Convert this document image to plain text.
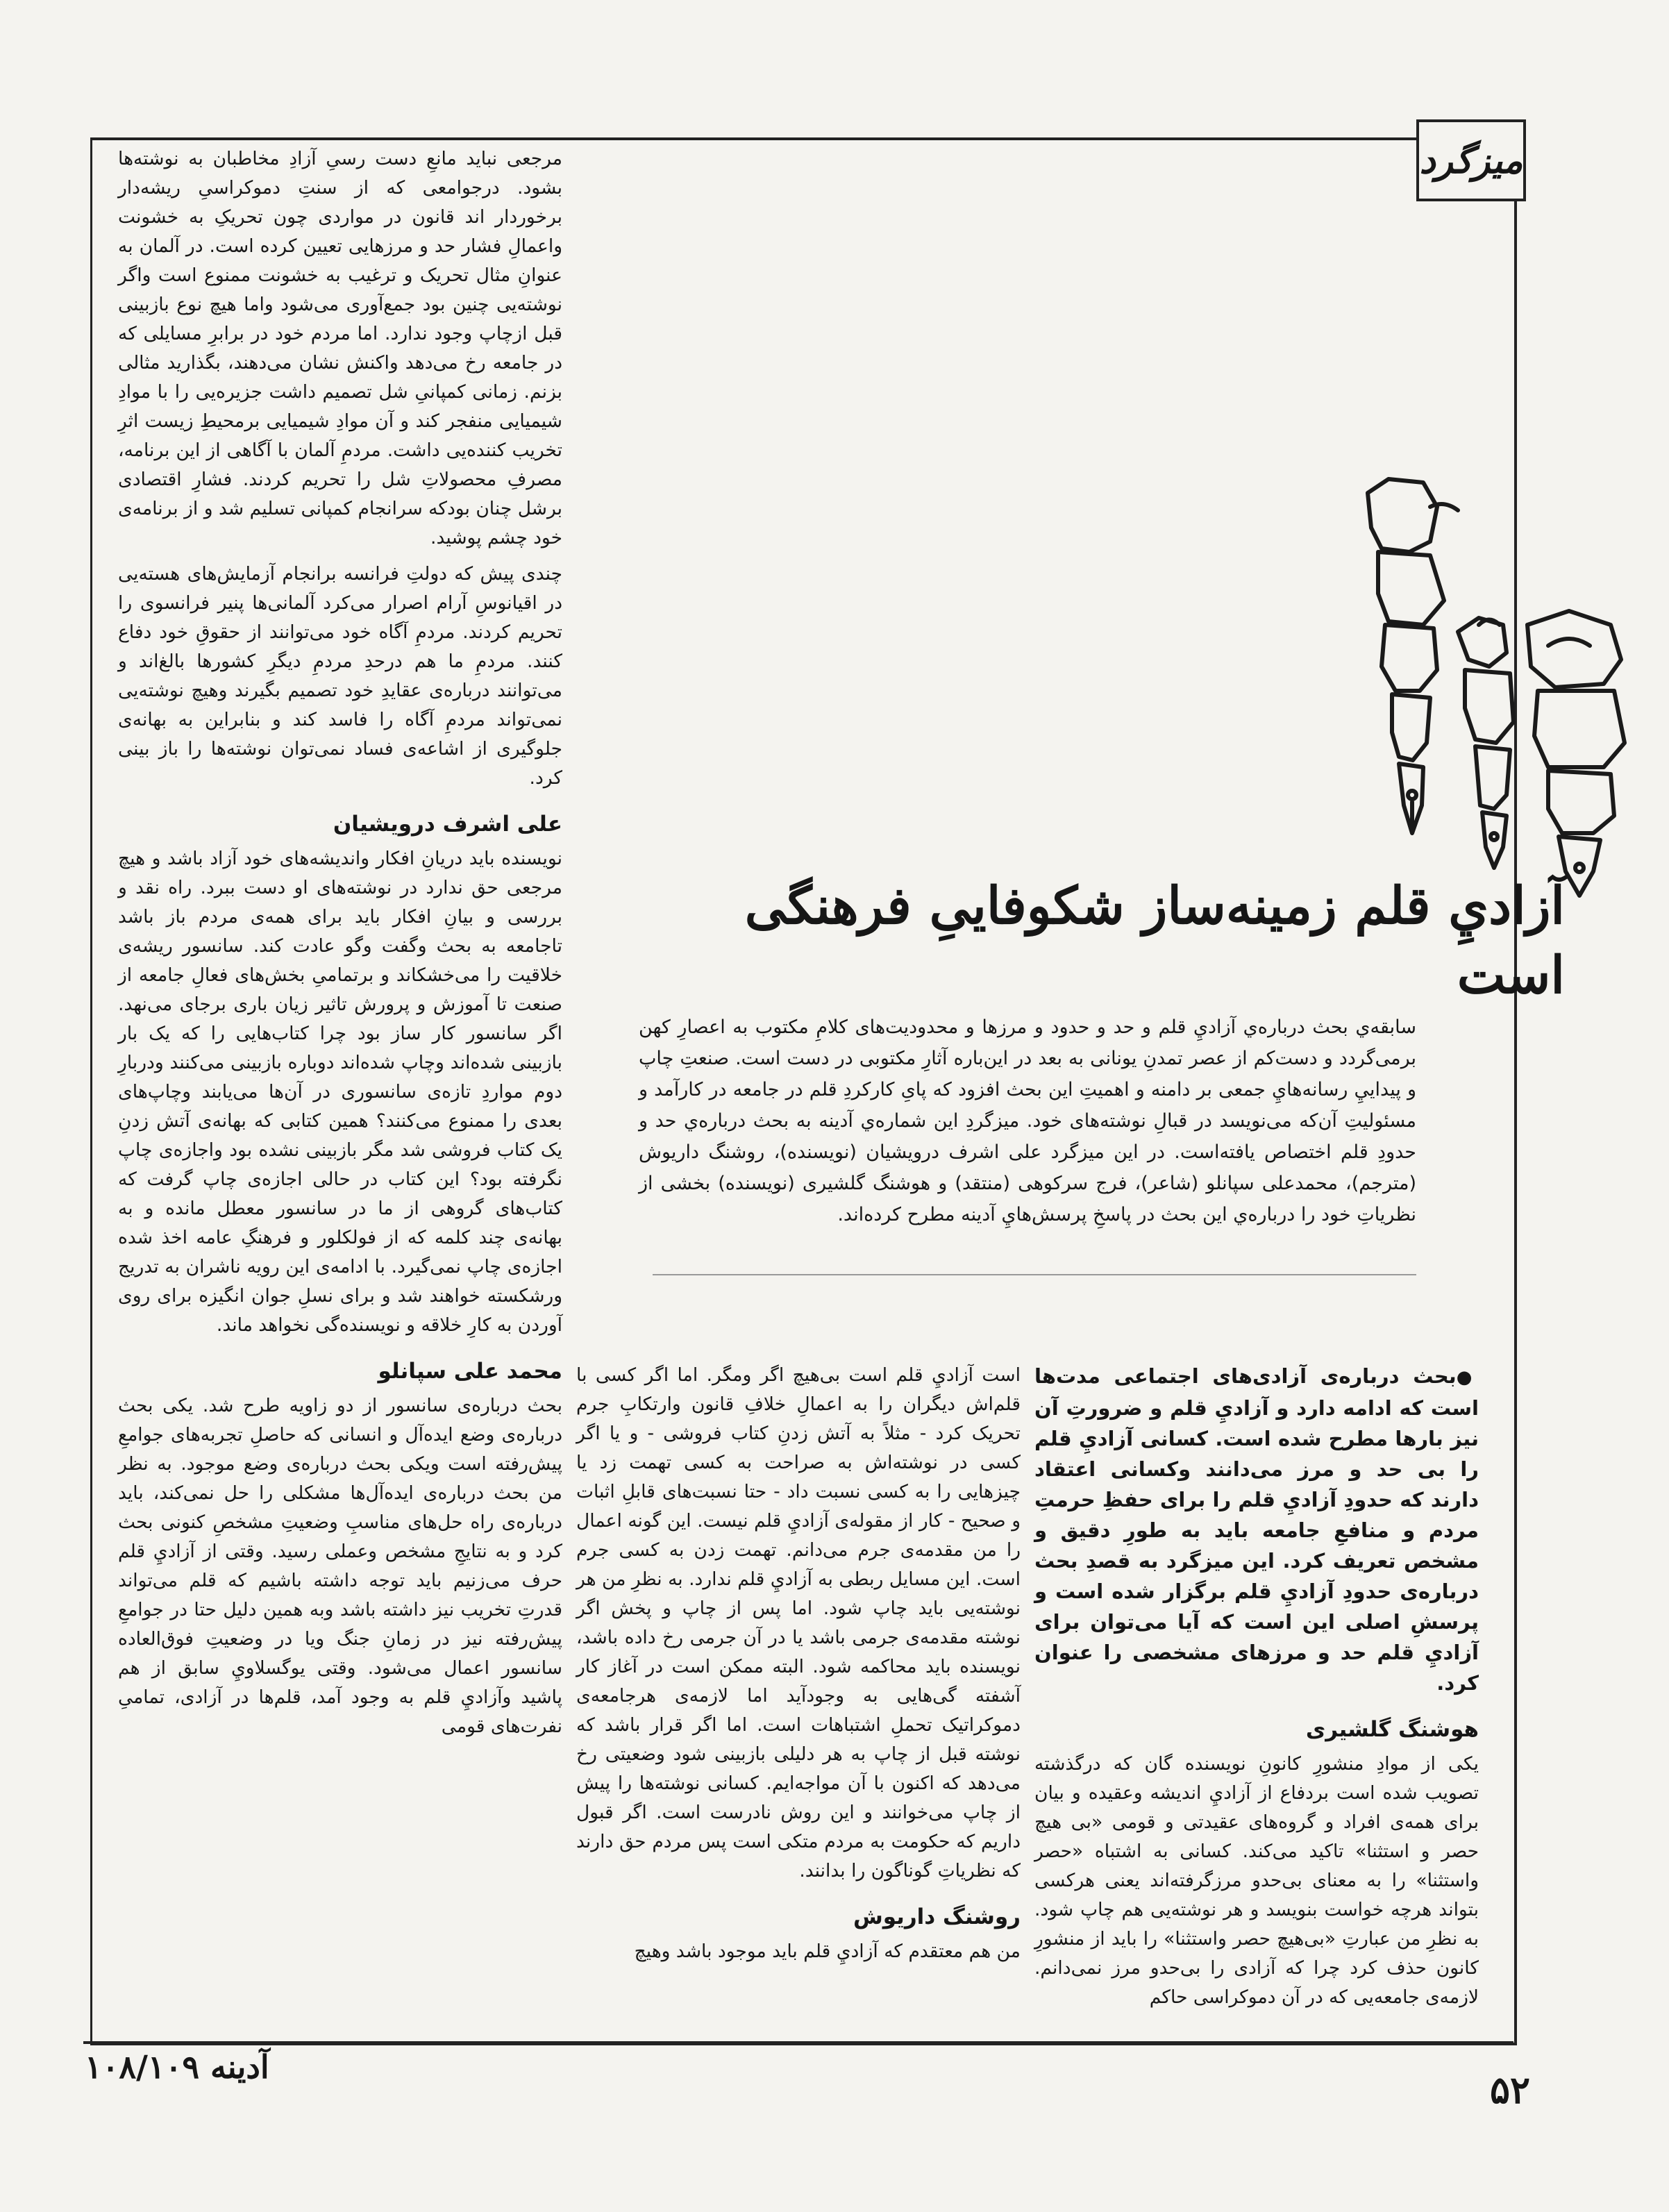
میزگرد
آزاديِ قلم زمینه‌ساز شکوفاییِ فرهنگی است

سابقه‌ي بحث درباره‌ي آزاديِ قلم و حد و حدود و مرزها و محدودیت‌های کلامِ مکتوب به اعصارِ کهن برمی‌گردد و دست‌کم از عصر تمدنِ یونانی به بعد در این‌باره آثارِ مکتوبی در دست است. صنعتِ چاپ و پیدایيِ رسانه‌هايِ جمعی بر دامنه و اهمیتِ این بحث افزود که پایِ کارکردِ قلم در جامعه در کارآمد و مسئولیتِ آن‌که می‌نویسد در قبالِ نوشته‌های خود. میزگردِ این شماره‌ي آدینه به بحث درباره‌ي حد و حدودِ قلم اختصاص یافته‌است. در این میزگرد علی اشرف درویشیان (نویسنده)، روشنگ داریوش (مترجم)، محمدعلی سپانلو (شاعر)، فرج سرکوهی (منتقد) و هوشنگ گلشیری (نویسنده) بخشی از نظریاتِ خود را درباره‌ي این بحث در پاسخِ پرسش‌هايِ آدینه مطرح کرده‌اند.

مرجعی نباید مانعِ دست رسیِ آزادِ مخاطبان به نوشته‌ها بشود. درجوامعی که از سنتِ دموکراسیِ ریشه‌دار برخوردار اند قانون در مواردی چون تحریکِ به خشونت واعمالِ فشار حد و مرزهایی تعیین کرده است. در آلمان به عنوانِ مثال تحریک و ترغیب به خشونت ممنوع است واگر نوشته‌یی چنین بود جمع‌آوری می‌شود واما هیچ نوع بازبینی قبل ازچاپ وجود ندارد. اما مردم خود در برابرِ مسایلی که در جامعه رخ می‌دهد واکنش نشان می‌دهند، بگذارید مثالی بزنم. زمانی کمپانیِ شل تصمیم داشت جزیره‌یی را با موادِ شیمیایی منفجر کند و آن موادِ شیمیایی برمحیطِ زیست اثرِ تخریب کننده‌یی داشت. مردمِ آلمان با آگاهی از این برنامه، مصرفِ محصولاتِ شل را تحریم کردند. فشارِ اقتصادی برشل چنان بودکه سرانجام کمپانی تسلیم شد و از برنامه‌ی خود چشم پوشید.

چندی پیش که دولتِ فرانسه برانجام آزمایش‌های هسته‌یی در اقیانوسِ آرام اصرار می‌کرد آلمانی‌ها پنیر فرانسوی را تحریم کردند. مردمِ آگاه خود می‌توانند از حقوقِ خود دفاع کنند. مردمِ ما هم درحدِ مردمِ دیگرِ کشورها بالغ‌اند و می‌توانند درباره‌ی عقایدِ خود تصمیم بگیرند وهیچ نوشته‌یی نمی‌تواند مردمِ آگاه را فاسد کند و بنابراین به بهانه‌ی جلوگیری از اشاعه‌ی فساد نمی‌توان نوشته‌ها را باز بینی کرد.

علی اشرف درویشیان

نویسنده باید دریانِ افکار واندیشه‌های خود آزاد باشد و هیچ مرجعی حق ندارد در نوشته‌های او دست ببرد. راه نقد و بررسی و بیانِ افکار باید برای همه‌ی مردم باز باشد تاجامعه به بحث وگفت وگو عادت کند. سانسور ریشه‌ی خلاقیت را می‌خشکاند و برتمامیِ بخش‌های فعالِ جامعه از صنعت تا آموزش و پرورش تاثیر زیان باری برجای می‌نهد. اگر سانسور کار ساز بود چرا کتاب‌هایی را که یک بار بازبینی شده‌اند وچاپ شده‌اند دوباره بازبینی می‌کنند ودربارِ دوم مواردِ تازه‌ی سانسوری در آن‌ها می‌یابند وچاپ‌های بعدی را ممنوع می‌کنند؟ همین کتابی که بهانه‌ی آتش زدنِ یک کتاب فروشی شد مگر بازبینی نشده بود واجازه‌ی چاپ نگرفته بود؟ این کتاب در حالی اجازه‌ی چاپ گرفت که کتاب‌های گروهی از ما در سانسور معطل مانده و به بهانه‌ی چند کلمه که از فولکلور و فرهنگِ عامه اخذ شده اجازه‌ی چاپ نمی‌گیرد. با ادامه‌ی این رویه ناشران به تدریج ورشکسته خواهند شد و برای نسلِ جوان انگیزه برای روی آوردن به کارِ خلاقه و نویسنده‌گی نخواهد ماند.

محمد علی سپانلو

بحث درباره‌ی سانسور از دو زاویه طرح شد. یکی بحث درباره‌ی وضع ایده‌آل و انسانی که حاصلِ تجربه‌های جوامعِ پیش‌رفته است ویکی بحث درباره‌ی وضع موجود. به نظر من بحث درباره‌ی ایده‌آل‌ها مشکلی را حل نمی‌کند، باید درباره‌ی راه حل‌های مناسبِ وضعیتِ مشخصِ کنونی بحث کرد و به نتایجِ مشخص وعملی رسید. وقتی از آزاديِ قلم حرف می‌زنیم باید توجه داشته باشیم که قلم می‌تواند قدرتِ تخریب نیز داشته باشد وبه همین دلیل حتا در جوامعِ پیش‌رفته نیز در زمانِ جنگ ویا در وضعیتِ فوق‌العاده سانسور اعمال می‌شود. وقتی یوگسلاويِ سابق از هم پاشید وآزاديِ قلم به وجود آمد، قلم‌ها در آزادی، تمامیِ نفرت‌های قومی

●بحث درباره‌ی آزادی‌های اجتماعی مدت‌ها است که ادامه دارد و آزاديِ قلم و ضرورتِ آن نیز بارها مطرح شده است. کسانی آزاديِ قلم را بی حد و مرز می‌دانند وکسانی اعتقاد دارند که حدودِ آزاديِ قلم را برای حفظِ حرمتِ مردم و منافعِ جامعه باید به طورِ دقیق و مشخص تعریف کرد. این میزگرد به قصدِ بحث درباره‌ی حدودِ آزاديِ قلم برگزار شده است و پرسشِ اصلی این است که آیا می‌توان برای آزاديِ قلم حد و مرزهای مشخصی را عنوان کرد.

هوشنگ گلشیری

یکی از موادِ منشورِ کانونِ نویسنده گان که درگذشته تصویب شده است بردفاع از آزاديِ اندیشه وعقیده و بیان برای همه‌ی افراد و گروه‌های عقیدتی و قومی «بی هیچ حصر و استثنا» تاکید می‌کند. کسانی به اشتباه «حصر واستثنا» را به معنای بی‌حدو مرزگرفته‌اند یعنی هرکسی بتواند هرچه خواست بنویسد و هر نوشته‌یی هم چاپ شود. به نظرِ من عبارتِ «بی‌هیچ حصر واستثنا» را باید از منشورِ کانون حذف کرد چرا که آزادی را بی‌حدو مرز نمی‌دانم. لازمه‌ی جامعه‌یی که در آن دموکراسی حاکم

است آزاديِ قلم است بی‌هیچ اگر ومگر. اما اگر کسی با قلم‌اش دیگران را به اعمالِ خلافِ قانون وارتکابِ جرم تحریک کرد - مثلاً به آتش زدنِ کتاب فروشی - و یا اگر کسی در نوشته‌اش به صراحت به کسی تهمت زد یا چیزهایی را به کسی نسبت داد - حتا نسبت‌های قابلِ اثبات و صحیح - کار از مقوله‌ی آزاديِ قلم نیست. این گونه اعمال را من مقدمه‌ی جرم می‌دانم. تهمت زدن به کسی جرم است. این مسایل ربطی به آزاديِ قلم ندارد. به نظرِ من هر نوشته‌یی باید چاپ شود. اما پس از چاپ و پخش اگر نوشته مقدمه‌ی جرمی باشد یا در آن جرمی رخ داده باشد، نویسنده باید محاکمه شود. البته ممکن است در آغاز کار آشفته گی‌هایی به وجودآید اما لازمه‌ی هرجامعه‌ی دموکراتیک تحملِ اشتباهات است. اما اگر قرار باشد که نوشته قبل از چاپ به هر دلیلی بازبینی شود وضعیتی رخ می‌دهد که اکنون با آن مواجه‌ایم. کسانی نوشته‌ها را پیش از چاپ می‌خوانند و این روش نادرست است. اگر قبول داریم که حکومت به مردم متکی است پس مردم حق دارند که نظریاتِ گوناگون را بدانند.

روشنگ داریوش

من هم معتقدم که آزاديِ قلم باید موجود باشد وهیچ

۵۲
آدینه ۱۰۸/۱۰۹
